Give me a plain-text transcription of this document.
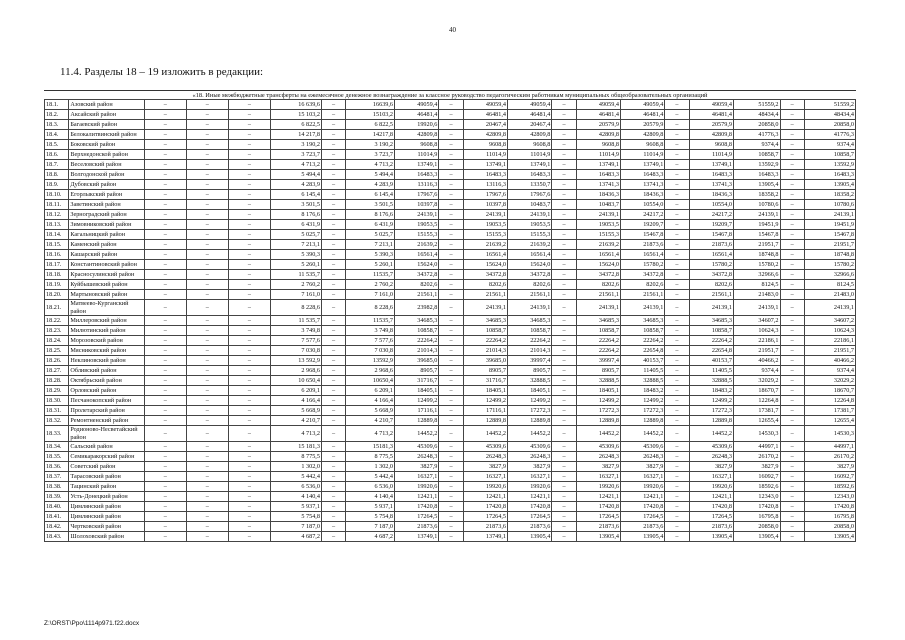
40
11.4. Разделы 18 – 19 изложить в редакции:
«18. Иные межбюджетные трансферты на ежемесячное денежное вознаграждение за классное руководство педагогическим работникам муниципальных общеобразовательных организаций
18.1.	Азовский район	–	–	–	16 639,6	–	16639,6	49059,4	–	49059,4	49059,4	–	49059,4	49059,4	–	49059,4	51559,2	–	51559,2
18.2.	Аксайский район	–	–	–	15 103,2	–	15103,2	46481,4	–	46481,4	46481,4	–	46481,4	46481,4	–	46481,4	48434,4	–	48434,4
18.3.	Багаевский район	–	–	–	6 822,5	–	6 822,5	19920,6	–	20467,4	20467,4	–	20579,9	20579,9	–	20579,9	20858,0	–	20858,0
18.4.	Белокалитвинский район	–	–	–	14 217,8	–	14217,8	42809,8	–	42809,8	42809,8	–	42809,8	42809,8	–	42809,8	41776,3	–	41776,3
18.5.	Боковский район	–	–	–	3 190,2	–	3 190,2	9608,8	–	9608,8	9608,8	–	9608,8	9608,8	–	9608,8	9374,4	–	9374,4
18.6.	Верхнедонской район	–	–	–	3 723,7	–	3 723,7	11014,9	–	11014,9	11014,9	–	11014,9	11014,9	–	11014,9	10858,7	–	10858,7
18.7.	Веселовский район	–	–	–	4 713,2	–	4 713,2	13749,1	–	13749,1	13749,1	–	13749,1	13749,1	–	13749,1	13592,9	–	13592,9
18.8.	Волгодонской район	–	–	–	5 494,4	–	5 494,4	16483,3	–	16483,3	16483,3	–	16483,3	16483,3	–	16483,3	16483,3	–	16483,3
18.9.	Дубовский район	–	–	–	4 283,9	–	4 283,9	13116,3	–	13116,3	13350,7	–	13741,3	13741,3	–	13741,3	13905,4	–	13905,4
18.10.	Егорлыкский район	–	–	–	6 145,4	–	6 145,4	17967,6	–	17967,6	17967,6	–	18436,3	18436,3	–	18436,3	18358,2	–	18358,2
18.11.	Заветинский район	–	–	–	3 501,5	–	3 501,5	10397,8	–	10397,8	10483,7	–	10483,7	10554,0	–	10554,0	10780,6	–	10780,6
18.12.	Зерноградский район	–	–	–	8 176,6	–	8 176,6	24139,1	–	24139,1	24139,1	–	24139,1	24217,2	–	24217,2	24139,1	–	24139,1
18.13.	Зимовниковский район	–	–	–	6 431,9	–	6 431,9	19053,5	–	19053,5	19053,5	–	19053,5	19209,7	–	19209,7	19451,9	–	19451,9
18.14.	Кагальницкий район	–	–	–	5 025,7	–	5 025,7	15155,3	–	15155,3	15155,3	–	15155,3	15467,8	–	15467,8	15467,8	–	15467,8
18.15.	Каменский район	–	–	–	7 213,1	–	7 213,1	21639,2	–	21639,2	21639,2	–	21639,2	21873,6	–	21873,6	21951,7	–	21951,7
18.16.	Кашарский район	–	–	–	5 390,3	–	5 390,3	16561,4	–	16561,4	16561,4	–	16561,4	16561,4	–	16561,4	18748,8	–	18748,8
18.17.	Константиновский район	–	–	–	5 260,1	–	5 260,1	15624,0	–	15624,0	15624,0	–	15624,0	15780,2	–	15780,2	15780,2	–	15780,2
18.18.	Красносулинский район	–	–	–	11 535,7	–	11535,7	34372,8	–	34372,8	34372,8	–	34372,8	34372,8	–	34372,8	32966,6	–	32966,6
18.19.	Куйбышевский район	–	–	–	2 760,2	–	2 760,2	8202,6	–	8202,6	8202,6	–	8202,6	8202,6	–	8202,6	8124,5	–	8124,5
18.20.	Мартыновский район	–	–	–	7 161,0	–	7 161,0	21561,1	–	21561,1	21561,1	–	21561,1	21561,1	–	21561,1	21483,0	–	21483,0
18.21.	Матвеево-Курганский район	–	–	–	8 228,6	–	8 228,6	23982,8	–	24139,1	24139,1	–	24139,1	24139,1	–	24139,1	24139,1	–	24139,1
18.22.	Миллеровский район	–	–	–	11 535,7	–	11535,7	34685,3	–	34685,3	34685,3	–	34685,3	34685,3	–	34685,3	34607,2	–	34607,2
18.23.	Милютинский район	–	–	–	3 749,8	–	3 749,8	10858,7	–	10858,7	10858,7	–	10858,7	10858,7	–	10858,7	10624,3	–	10624,3
18.24.	Морозовский район	–	–	–	7 577,6	–	7 577,6	22264,2	–	22264,2	22264,2	–	22264,2	22264,2	–	22264,2	22186,1	–	22186,1
18.25.	Мясниковский район	–	–	–	7 030,8	–	7 030,8	21014,3	–	21014,3	21014,3	–	22264,2	22654,8	–	22654,8	21951,7	–	21951,7
18.26.	Неклиновский район	–	–	–	13 592,9	–	13592,9	39685,0	–	39685,0	39997,4	–	39997,4	40153,7	–	40153,7	40466,2	–	40466,2
18.27.	Обливский район	–	–	–	2 968,6	–	2 968,6	8905,7	–	8905,7	8905,7	–	8905,7	11405,5	–	11405,5	9374,4	–	9374,4
18.28.	Октябрьский район	–	–	–	10 650,4	–	10650,4	31716,7	–	31716,7	32888,5	–	32888,5	32888,5	–	32888,5	32029,2	–	32029,2
18.29.	Орловский район	–	–	–	6 209,1	–	6 209,1	18405,1	–	18405,1	18405,1	–	18405,1	18483,2	–	18483,2	18670,7	–	18670,7
18.30.	Песчанокопский район	–	–	–	4 166,4	–	4 166,4	12499,2	–	12499,2	12499,2	–	12499,2	12499,2	–	12499,2	12264,8	–	12264,8
18.31.	Пролетарский район	–	–	–	5 668,9	–	5 668,9	17116,1	–	17116,1	17272,3	–	17272,3	17272,3	–	17272,3	17381,7	–	17381,7
18.32.	Ремонтненский район	–	–	–	4 210,7	–	4 210,7	12889,8	–	12889,8	12889,8	–	12889,8	12889,8	–	12889,8	12655,4	–	12655,4
18.33.	Родионово-Несветайский район	–	–	–	4 713,2	–	4 713,2	14452,2	–	14452,2	14452,2	–	14452,2	14452,2	–	14452,2	14530,3	–	14530,3
18.34.	Сальский район	–	–	–	15 181,3	–	15181,3	45309,6	–	45309,6	45309,6	–	45309,6	45309,6	–	45309,6	44997,1	–	44997,1
18.35.	Семикаракорский район	–	–	–	8 775,5	–	8 775,5	26248,3	–	26248,3	26248,3	–	26248,3	26248,3	–	26248,3	26170,2	–	26170,2
18.36.	Советский район	–	–	–	1 302,0	–	1 302,0	3827,9	–	3827,9	3827,9	–	3827,9	3827,9	–	3827,9	3827,9	–	3827,9
18.37.	Тарасовский район	–	–	–	5 442,4	–	5 442,4	16327,1	–	16327,1	16327,1	–	16327,1	16327,1	–	16327,1	16092,7	–	16092,7
18.38.	Тацинский район	–	–	–	6 536,0	–	6 536,0	19920,6	–	19920,6	19920,6	–	19920,6	19920,6	–	19920,6	18592,6	–	18592,6
18.39.	Усть-Донецкий район	–	–	–	4 140,4	–	4 140,4	12421,1	–	12421,1	12421,1	–	12421,1	12421,1	–	12421,1	12343,0	–	12343,0
18.40.	Цимлянский район	–	–	–	5 937,1	–	5 937,1	17420,8	–	17420,8	17420,8	–	17420,8	17420,8	–	17420,8	17420,8	–	17420,8
18.41.	Цимлянский район	–	–	–	5 754,8	–	5 754,8	17264,5	–	17264,5	17264,5	–	17264,5	17264,5	–	17264,5	16795,8	–	16795,8
18.42.	Чертковский район	–	–	–	7 187,0	–	7 187,0	21873,6	–	21873,6	21873,6	–	21873,6	21873,6	–	21873,6	20858,0	–	20858,0
18.43.	Шолоховский район	–	–	–	4 687,2	–	4 687,2	13749,1	–	13749,1	13905,4	–	13905,4	13905,4	–	13905,4	13905,4	–	13905,4
Z:\ORST\Ppo\1114p971.f22.docx
